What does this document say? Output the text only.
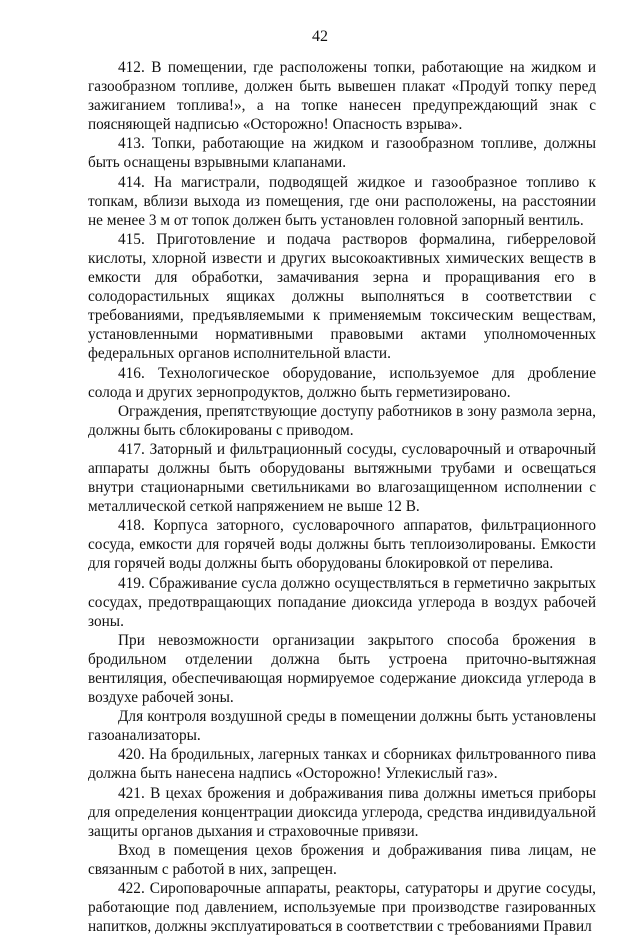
42

412. В помещении, где расположены топки, работающие на жидком и газообразном топливе, должен быть вывешен плакат «Продуй топку перед зажиганием топлива!», а на топке нанесен предупреждающий знак с поясняющей надписью «Осторожно! Опасность взрыва».

413. Топки, работающие на жидком и газообразном топливе, должны быть оснащены взрывными клапанами.

414. На магистрали, подводящей жидкое и газообразное топливо к топкам, вблизи выхода из помещения, где они расположены, на расстоянии не менее 3 м от топок должен быть установлен головной запорный вентиль.

415. Приготовление и подача растворов формалина, гиберреловой кислоты, хлорной извести и других высокоактивных химических веществ в емкости для обработки, замачивания зерна и проращивания его в солодорастильных ящиках должны выполняться в соответствии с требованиями, предъявляемыми к применяемым токсическим веществам, установленными нормативными правовыми актами уполномоченных федеральных органов исполнительной власти.

416. Технологическое оборудование, используемое для дробление солода и других зернопродуктов, должно быть герметизировано.

Ограждения, препятствующие доступу работников в зону размола зерна, должны быть сблокированы с приводом.

417. Заторный и фильтрационный сосуды, сусловарочный и отварочный аппараты должны быть оборудованы вытяжными трубами и освещаться внутри стационарными светильниками во влагозащищенном исполнении с металлической сеткой напряжением не выше 12 В.

418. Корпуса заторного, сусловарочного аппаратов, фильтрационного сосуда, емкости для горячей воды должны быть теплоизолированы. Емкости для горячей воды должны быть оборудованы блокировкой от перелива.

419. Сбраживание сусла должно осуществляться в герметично закрытых сосудах, предотвращающих попадание диоксида углерода в воздух рабочей зоны.

При невозможности организации закрытого способа брожения в бродильном отделении должна быть устроена приточно-вытяжная вентиляция, обеспечивающая нормируемое содержание диоксида углерода в воздухе рабочей зоны.

Для контроля воздушной среды в помещении должны быть установлены газоанализаторы.

420. На бродильных, лагерных танках и сборниках фильтрованного пива должна быть нанесена надпись «Осторожно! Углекислый газ».

421. В цехах брожения и дображивания пива должны иметься приборы для определения концентрации диоксида углерода, средства индивидуальной защиты органов дыхания и страховочные привязи.

Вход в помещения цехов брожения и дображивания пива лицам, не связанным с работой в них, запрещен.

422. Сироповарочные аппараты, реакторы, сатураторы и другие сосуды, работающие под давлением, используемые при производстве газированных напитков, должны эксплуатироваться в соответствии с требованиями Правил
